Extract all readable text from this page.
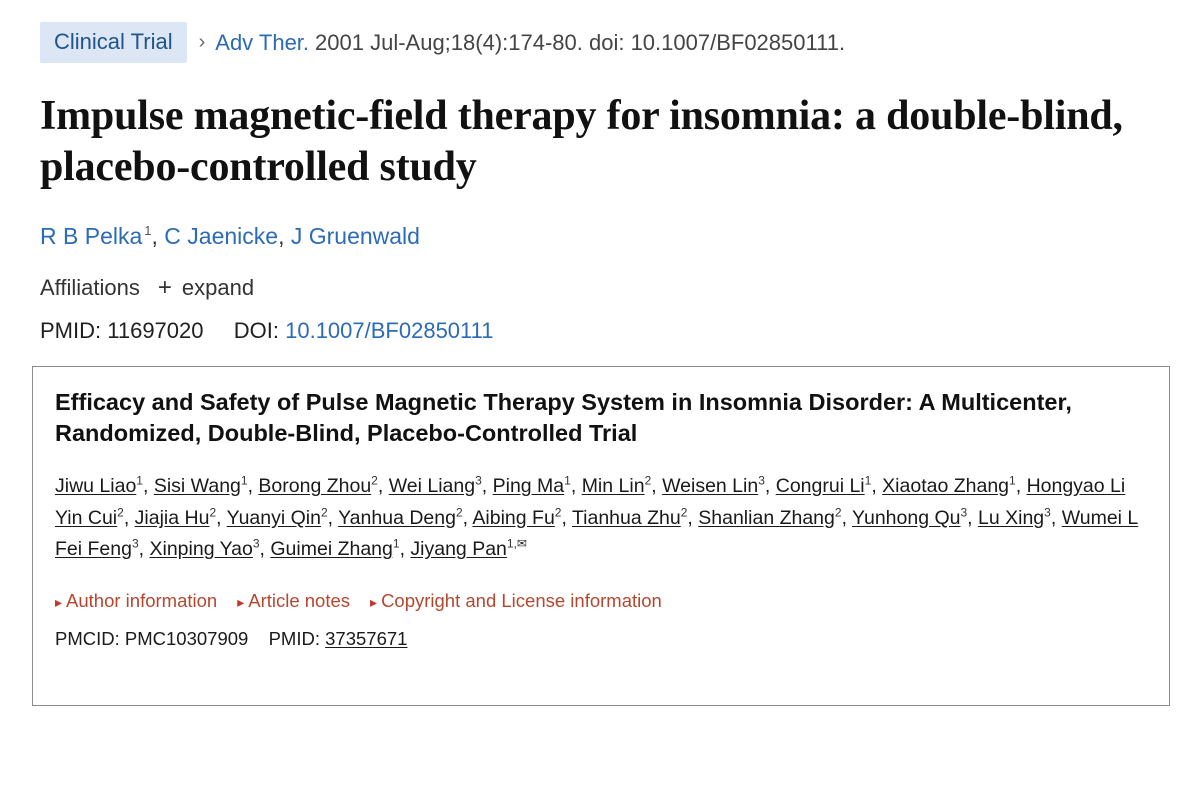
Clinical Trial	› Adv Ther. 2001 Jul-Aug;18(4):174-80. doi: 10.1007/BF02850111.
Impulse magnetic-field therapy for insomnia: a double-blind, placebo-controlled study
R B Pelka $^1$, C Jaenicke, J Gruenwald
Affiliations + expand
PMID: 11697020 DOI: 10.1007/BF02850111
Efficacy and Safety of Pulse Magnetic Therapy System in Insomnia Disorder: A Multicenter, Randomized, Double-Blind, Placebo-Controlled Trial
Jiwu Liao$^1$, Sisi Wang$^1$, Borong Zhou$^2$, Wei Liang$^3$, Ping Ma$^1$, Min Lin$^2$, Weisen Lin$^3$, Congrui Li$^1$, Xiaotao Zhang$^1$, Hongyao Li
Yin Cui$^2$, Jiajia Hu$^2$, Yuanyi Qin$^2$, Yanhua Deng$^2$, Aibing Fu$^2$, Tianhua Zhu$^2$, Shanlian Zhang$^2$, Yunhong Qu$^3$, Lu Xing$^3$, Wumei L
Fei Feng$^3$, Xinping Yao$^3$, Guimei Zhang$^1$, Jiyang Pan$^{1,✉}$
▸ Author information ▸ Article notes ▸ Copyright and License information
PMCID: PMC10307909 PMID: 37357671
